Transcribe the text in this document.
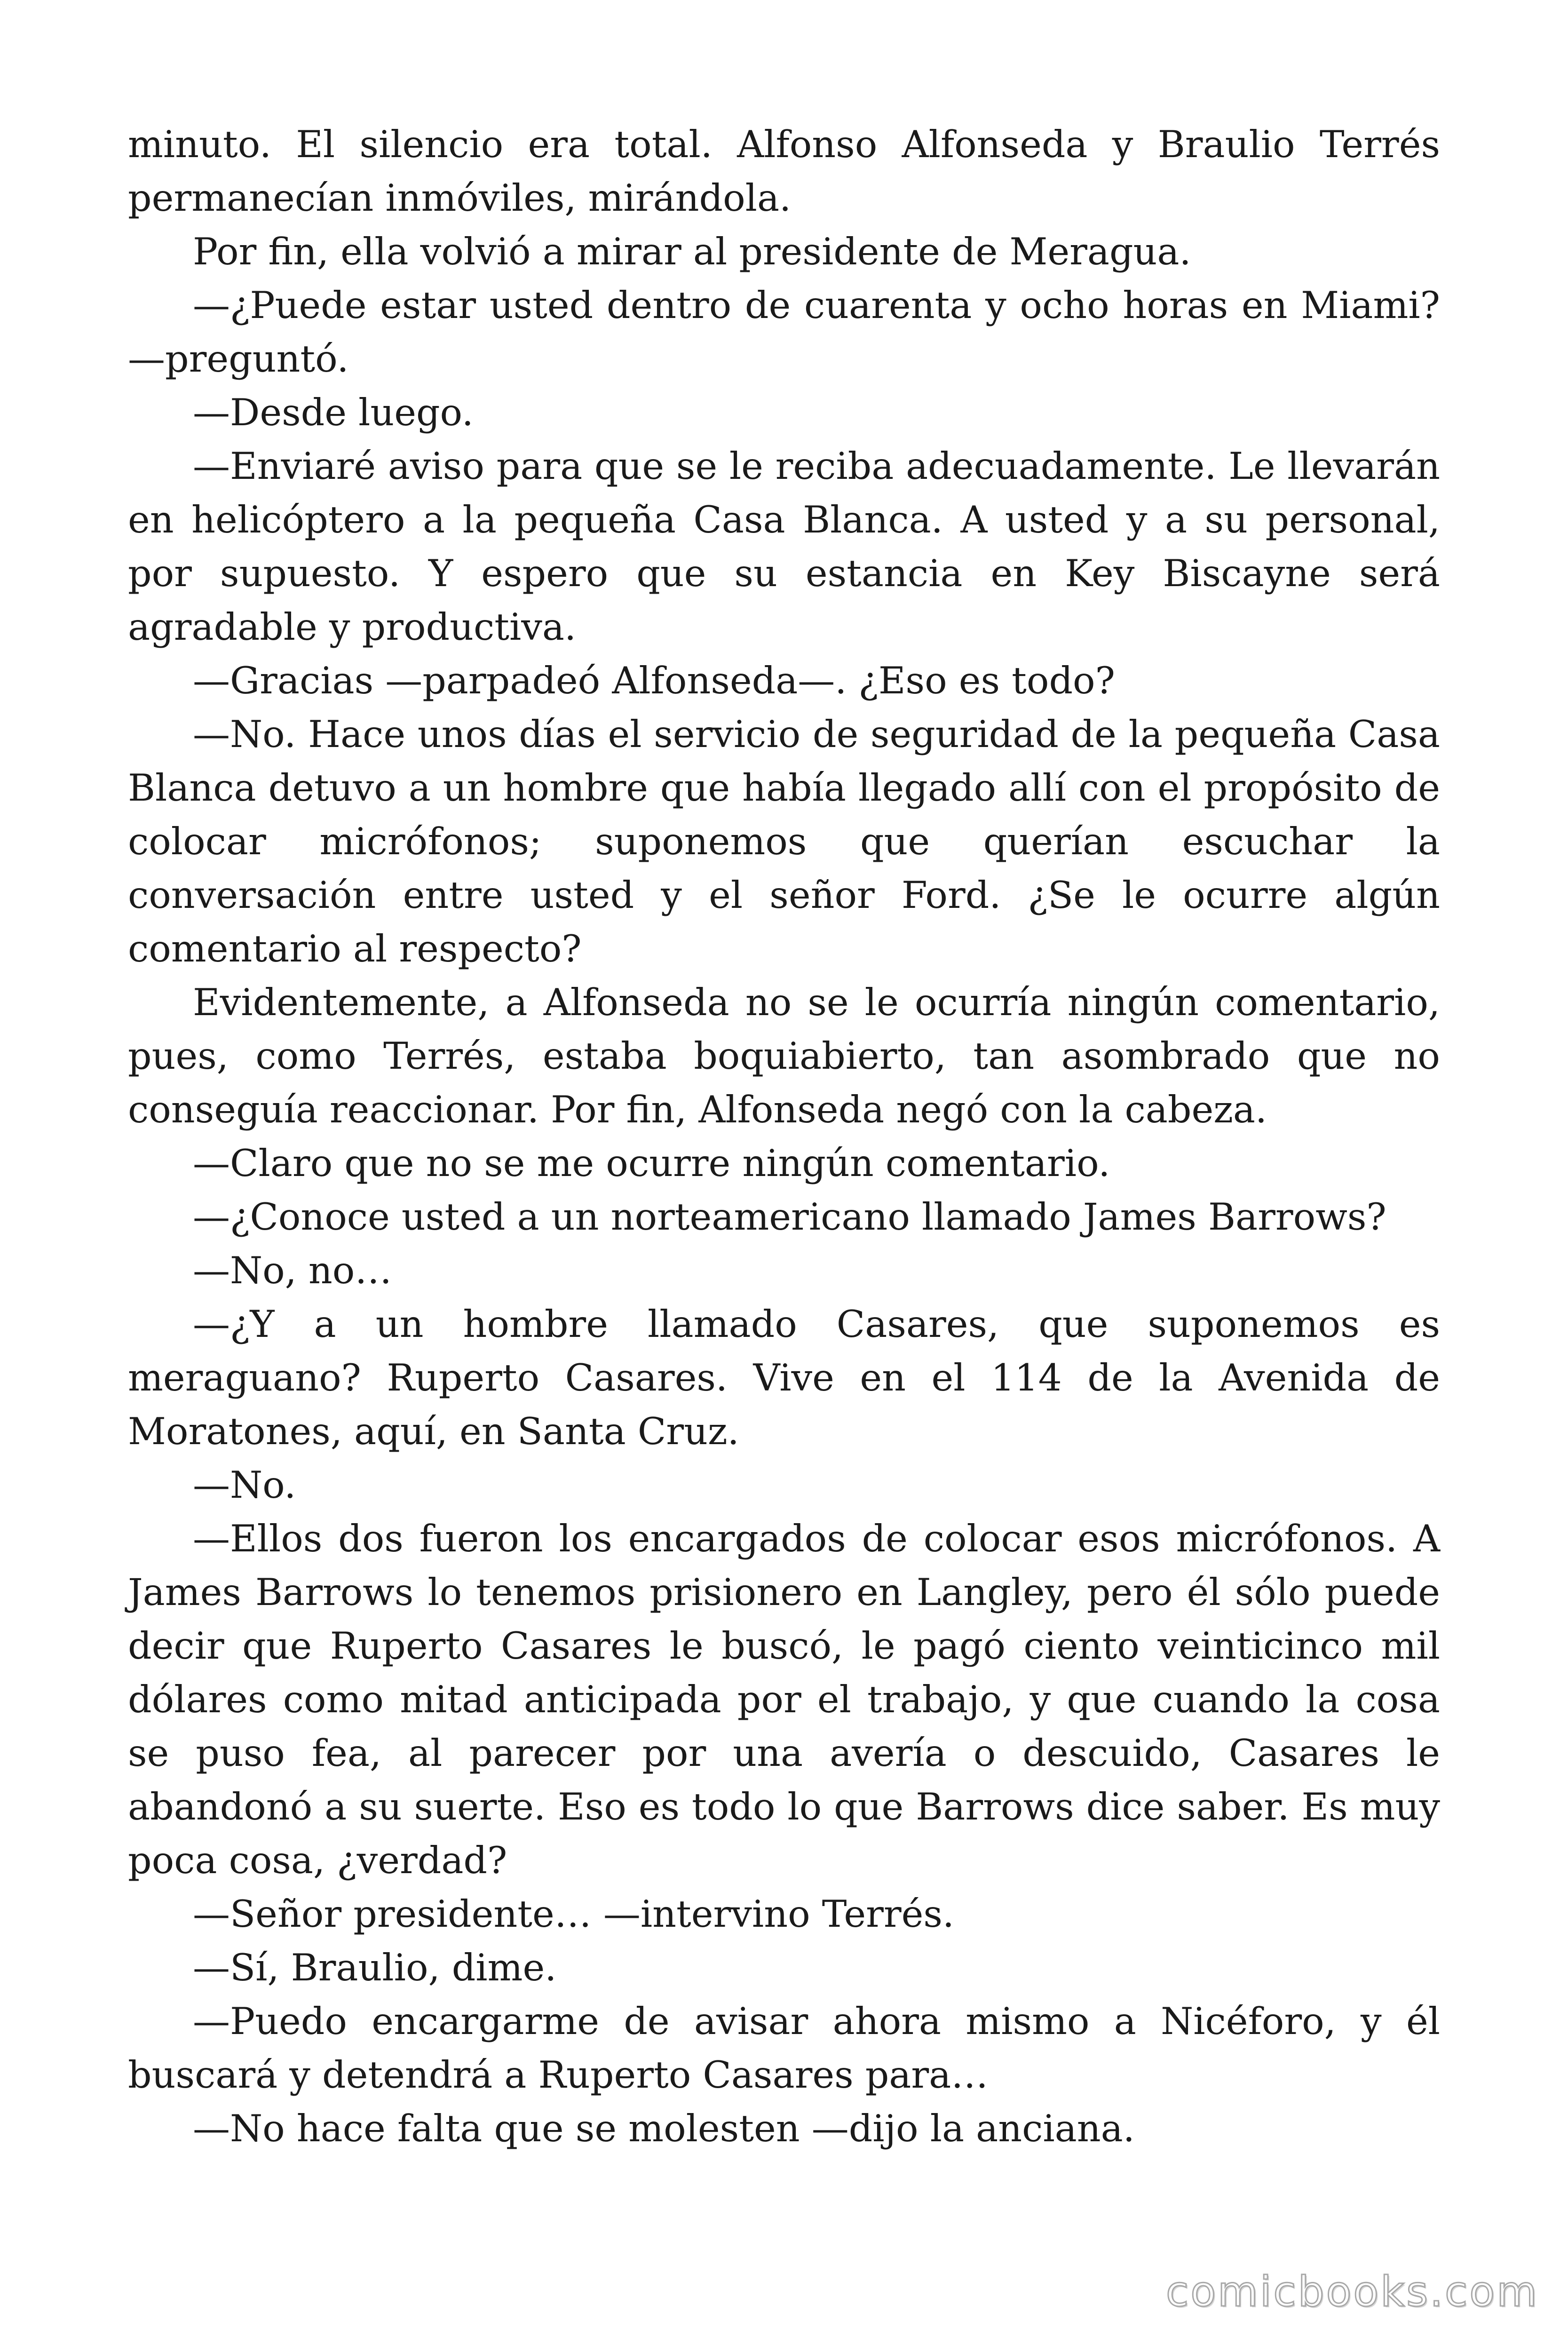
minuto. El silencio era total. Alfonso Alfonseda y Braulio Terrés permanecían inmóviles, mirándola.

Por fin, ella volvió a mirar al presidente de Meragua.

—¿Puede estar usted dentro de cuarenta y ocho horas en Miami? —preguntó.

—Desde luego.

—Enviaré aviso para que se le reciba adecuadamente. Le llevarán en helicóptero a la pequeña Casa Blanca. A usted y a su personal, por supuesto. Y espero que su estancia en Key Biscayne será agradable y productiva.

—Gracias —parpadeó Alfonseda—. ¿Eso es todo?

—No. Hace unos días el servicio de seguridad de la pequeña Casa Blanca detuvo a un hombre que había llegado allí con el propósito de colocar micrófonos; suponemos que querían escuchar la conversación entre usted y el señor Ford. ¿Se le ocurre algún comentario al respecto?

Evidentemente, a Alfonseda no se le ocurría ningún comentario, pues, como Terrés, estaba boquiabierto, tan asombrado que no conseguía reaccionar. Por fin, Alfonseda negó con la cabeza.

—Claro que no se me ocurre ningún comentario.

—¿Conoce usted a un norteamericano llamado James Barrows?

—No, no…

—¿Y a un hombre llamado Casares, que suponemos es meraguano? Ruperto Casares. Vive en el 114 de la Avenida de Moratones, aquí, en Santa Cruz.

—No.

—Ellos dos fueron los encargados de colocar esos micrófonos. A James Barrows lo tenemos prisionero en Langley, pero él sólo puede decir que Ruperto Casares le buscó, le pagó ciento veinticinco mil dólares como mitad anticipada por el trabajo, y que cuando la cosa se puso fea, al parecer por una avería o descuido, Casares le abandonó a su suerte. Eso es todo lo que Barrows dice saber. Es muy poca cosa, ¿verdad?

—Señor presidente… —intervino Terrés.

—Sí, Braulio, dime.

—Puedo encargarme de avisar ahora mismo a Nicéforo, y él buscará y detendrá a Ruperto Casares para…

—No hace falta que se molesten —dijo la anciana.

comicbooks.com
